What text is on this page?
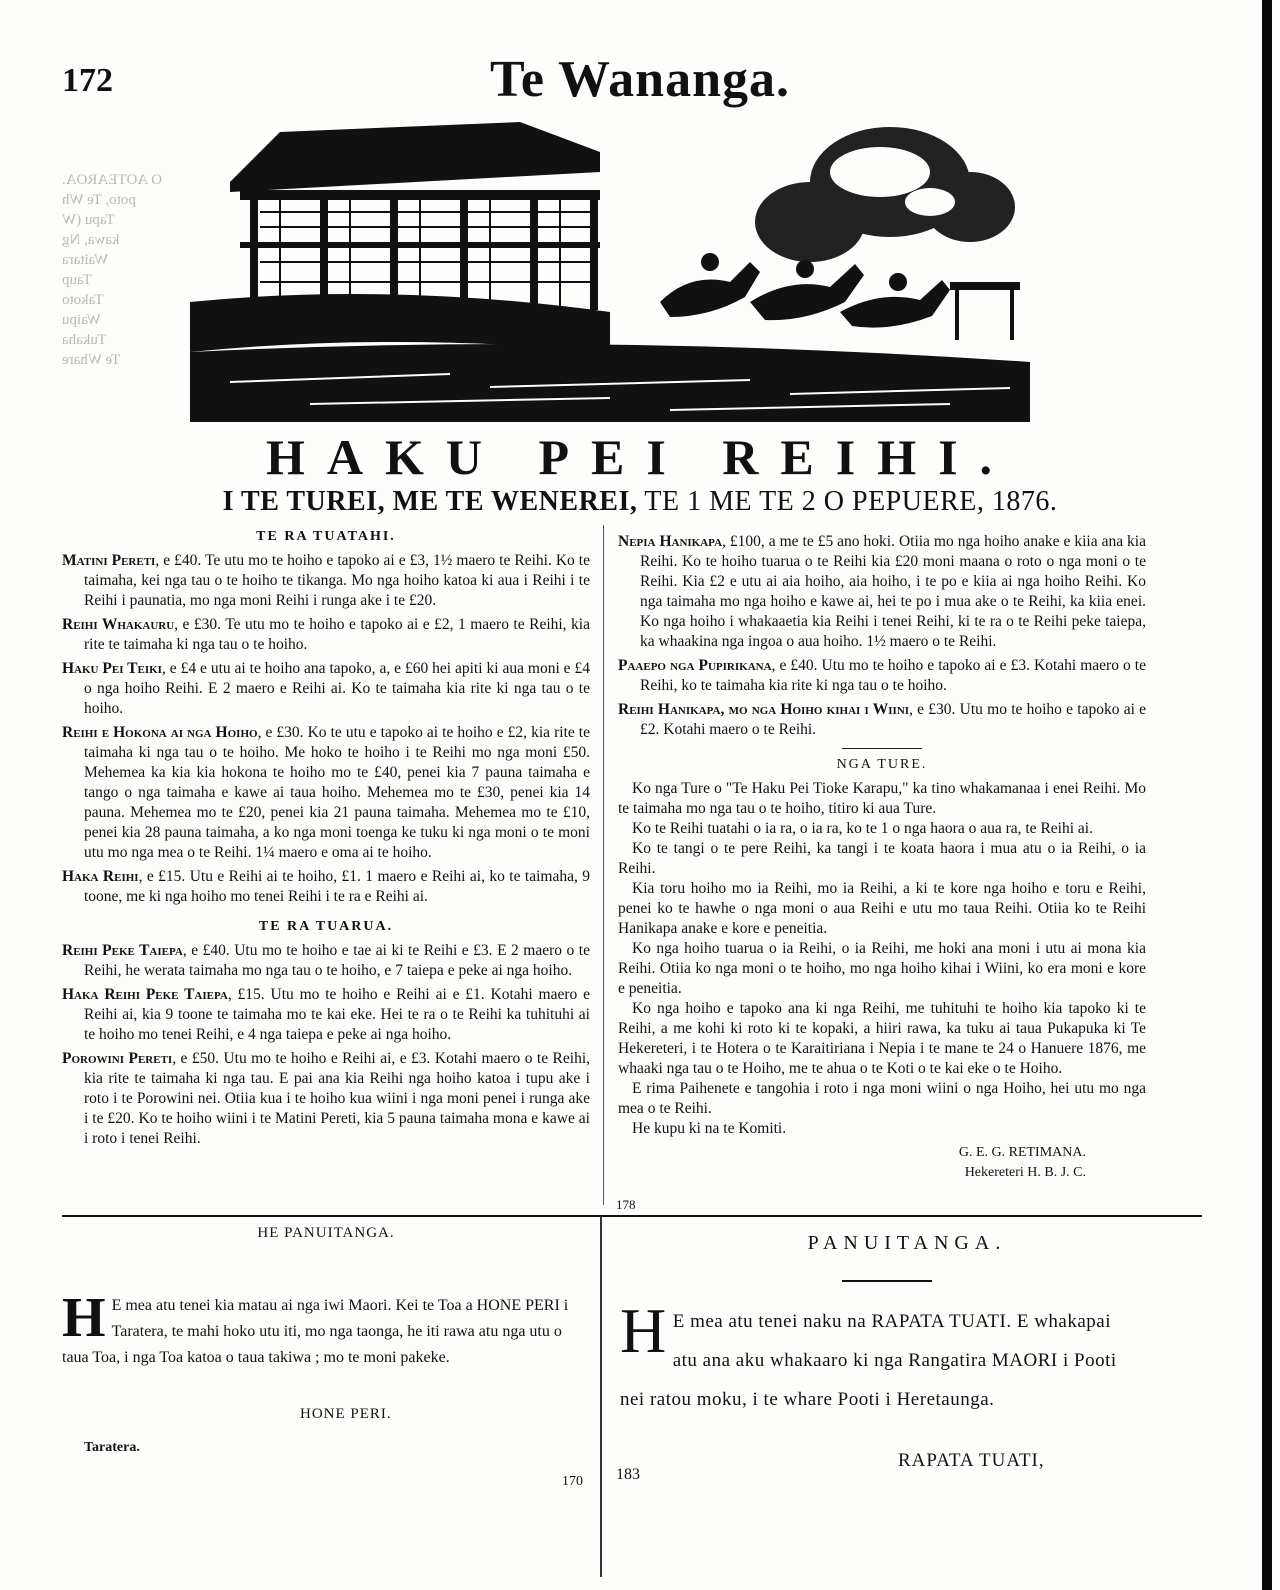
172	Te Wananga.
O AOTEAROA.
poto, Te Wh
Tapu (W
kawa, Ng
Waitara
Taup
Takoto
Waipu
Tukaha
Te Whare
HAKU PEI REIHI.
I TE TUREI, ME TE WENEREI, TE 1 ME TE 2 O PEPUERE, 1876.
TE RA TUATAHI.

Matini Pereti, e £40. Te utu mo te hoiho e tapoko ai e £3, 1½ maero te Reihi. Ko te taimaha, kei nga tau o te hoiho te tikanga. Mo nga hoiho katoa ki aua i Reihi i te Reihi i paunatia, mo nga moni Reihi i runga ake i te £20.

Reihi Whakauru, e £30. Te utu mo te hoiho e tapoko ai e £2, 1 maero te Reihi, kia rite te taimaha ki nga tau o te hoiho.

Haku Pei Teiki, e £4 e utu ai te hoiho ana tapoko, a, e £60 hei apiti ki aua moni e £4 o nga hoiho Reihi. E 2 maero e Reihi ai. Ko te taimaha kia rite ki nga tau o te hoiho.

Reihi e Hokona ai nga Hoiho, e £30. Ko te utu e tapoko ai te hoiho e £2, kia rite te taimaha ki nga tau o te hoiho. Me hoko te hoiho i te Reihi mo nga moni £50. Mehemea ka kia kia hokona te hoiho mo te £40, penei kia 7 pauna taimaha e tango o nga taimaha e kawe ai taua hoiho. Mehemea mo te £30, penei kia 14 pauna. Mehemea mo te £20, penei kia 21 pauna taimaha. Mehemea mo te £10, penei kia 28 pauna taimaha, a ko nga moni toenga ke tuku ki nga moni o te moni utu mo nga mea o te Reihi. 1¼ maero e oma ai te hoiho.

Haka Reihi, e £15. Utu e Reihi ai te hoiho, £1. 1 maero e Reihi ai, ko te taimaha, 9 toone, me ki nga hoiho mo tenei Reihi i te ra e Reihi ai.

TE RA TUARUA.

Reihi Peke Taiepa, e £40. Utu mo te hoiho e tae ai ki te Reihi e £3. E 2 maero o te Reihi, he werata taimaha mo nga tau o te hoiho, e 7 taiepa e peke ai nga hoiho.

Haka Reihi Peke Taiepa, £15. Utu mo te hoiho e Reihi ai e £1. Kotahi maero e Reihi ai, kia 9 toone te taimaha mo te kai eke. Hei te ra o te Reihi ka tuhituhi ai te hoiho mo tenei Reihi, e 4 nga taiepa e peke ai nga hoiho.

Porowini Pereti, e £50. Utu mo te hoiho e Reihi ai, e £3. Kotahi maero o te Reihi, kia rite te taimaha ki nga tau. E pai ana kia Reihi nga hoiho katoa i tupu ake i roto i te Porowini nei. Otiia kua i te hoiho kua wiini i nga moni penei i runga ake i te £20. Ko te hoiho wiini i te Matini Pereti, kia 5 pauna taimaha mona e kawe ai i roto i tenei Reihi.

Nepia Hanikapa, £100, a me te £5 ano hoki. Otiia mo nga hoiho anake e kiia ana kia Reihi. Ko te hoiho tuarua o te Reihi kia £20 moni maana o roto o nga moni o te Reihi. Kia £2 e utu ai aia hoiho, aia hoiho, i te po e kiia ai nga hoiho Reihi. Ko nga taimaha mo nga hoiho e kawe ai, hei te po i mua ake o te Reihi, ka kiia enei. Ko nga hoiho i whakaaetia kia Reihi i tenei Reihi, ki te ra o te Reihi peke taiepa, ka whaakina nga ingoa o aua hoiho. 1½ maero o te Reihi.

Paaepo nga Pupirikana, e £40. Utu mo te hoiho e tapoko ai e £3. Kotahi maero o te Reihi, ko te taimaha kia rite ki nga tau o te hoiho.

Reihi Hanikapa, mo nga Hoiho kihai i Wiini, e £30. Utu mo te hoiho e tapoko ai e £2. Kotahi maero o te Reihi.

NGA TURE.

Ko nga Ture o "Te Haku Pei Tioke Karapu," ka tino whakamanaa i enei Reihi. Mo te taimaha mo nga tau o te hoiho, titiro ki aua Ture.

Ko te Reihi tuatahi o ia ra, o ia ra, ko te 1 o nga haora o aua ra, te Reihi ai.

Ko te tangi o te pere Reihi, ka tangi i te koata haora i mua atu o ia Reihi, o ia Reihi.

Kia toru hoiho mo ia Reihi, mo ia Reihi, a ki te kore nga hoiho e toru e Reihi, penei ko te hawhe o nga moni o aua Reihi e utu mo taua Reihi. Otiia ko te Reihi Hanikapa anake e kore e peneitia.

Ko nga hoiho tuarua o ia Reihi, o ia Reihi, me hoki ana moni i utu ai mona kia Reihi. Otiia ko nga moni o te hoiho, mo nga hoiho kihai i Wiini, ko era moni e kore e peneitia.

Ko nga hoiho e tapoko ana ki nga Reihi, me tuhituhi te hoiho kia tapoko ki te Reihi, a me kohi ki roto ki te kopaki, a hiiri rawa, ka tuku ai taua Pukapuka ki Te Hekereteri, i te Hotera o te Karaitiriana i Nepia i te mane te 24 o Hanuere 1876, me whaaki nga tau o te Hoiho, me te ahua o te Koti o te kai eke o te Hoiho.

E rima Paihenete e tangohia i roto i nga moni wiini o nga Hoiho, hei utu mo nga mea o te Reihi.

He kupu ki na te Komiti.

G. E. G. RETIMANA.
Hekereteri H. B. J. C.
178
HE PANUITANGA.
H E mea atu tenei kia matau ai nga iwi Maori. Kei te Toa a HONE PERI i Taratera, te mahi hoko utu iti, mo nga taonga, he iti rawa atu nga utu o taua Toa, i nga Toa katoa o taua takiwa ; mo te moni pakeke.
HONE PERI.
Taratera.
170
PANUITANGA.
H E mea atu tenei naku na RAPATA TUATI. E whakapai atu ana aku whakaaro ki nga Rangatira MAORI i Pooti nei ratou moku, i te whare Pooti i Heretaunga.
RAPATA TUATI,
183
